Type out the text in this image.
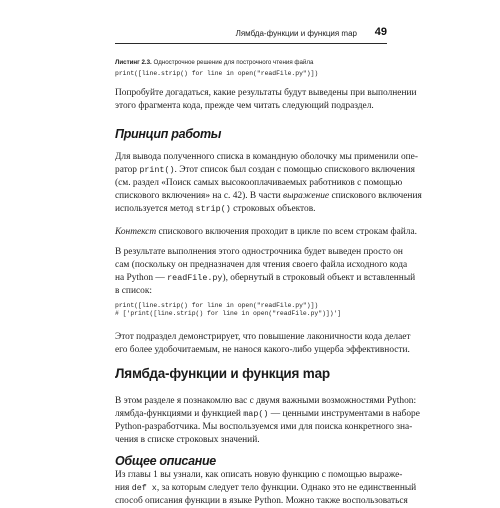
Лямбда-функции и функция map 49
Листинг 2.3. Однострочное решение для построчного чтения файла
print([line.strip() for line in open("readFile.py")])
Попробуйте догадаться, какие результаты будут выведены при выполнении
этого фрагмента кода, прежде чем читать следующий подраздел.
Принцип работы
Для вывода полученного списка в командную оболочку мы применили опе-
ратор print(). Этот список был создан с помощью спискового включения
(см. раздел «Поиск самых высокооплачиваемых работников с помощью
спискового включения» на с. 42). В части выражение спискового включения
используется метод strip() строковых объектов.
Контекст спискового включения проходит в цикле по всем строкам файла.
В результате выполнения этого однострочника будет выведен просто он
сам (поскольку он предназначен для чтения своего файла исходного кода
на Python — readFile.py), обернутый в строковый объект и вставленный
в список:
print([line.strip() for line in open("readFile.py")])
# ['print([line.strip() for line in open("readFile.py")])']
Этот подраздел демонстрирует, что повышение лаконичности кода делает
его более удобочитаемым, не нанося какого-либо ущерба эффективности.
Лямбда-функции и функция map
В этом разделе я познакомлю вас с двумя важными возможностями Python:
лямбда-функциями и функцией map() — ценными инструментами в наборе
Python-разработчика. Мы воспользуемся ими для поиска конкретного зна-
чения в списке строковых значений.
Общее описание
Из главы 1 вы узнали, как описать новую функцию с помощью выраже-
ния def x, за которым следует тело функции. Однако это не единственный
способ описания функции в языке Python. Можно также воспользоваться
